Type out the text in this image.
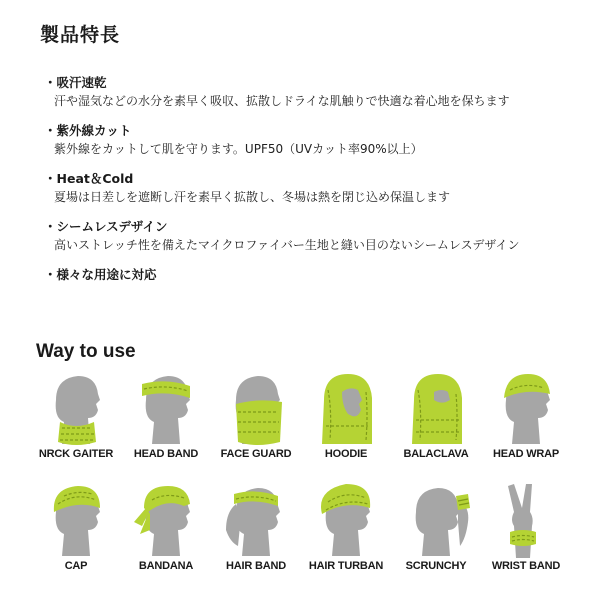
製品特長
・吸汗速乾
汗や湿気などの水分を素早く吸収、拡散しドライな肌触りで快適な着心地を保ちます
・紫外線カット
紫外線をカットして肌を守ります。UPF50（UVカット率90%以上）
・Heat＆Cold
夏場は日差しを遮断し汗を素早く拡散し、冬場は熱を閉じ込め保温します
・シームレスデザイン
高いストレッチ性を備えたマイクロファイバー生地と縫い目のないシームレスデザイン
・様々な用途に対応
Way to use
NRCK GAITER	HEAD BAND	FACE GUARD	HOODIE	BALACLAVA	HEAD WRAP
CAP	BANDANA	HAIR BAND	HAIR TURBAN	SCRUNCHY	WRIST BAND
